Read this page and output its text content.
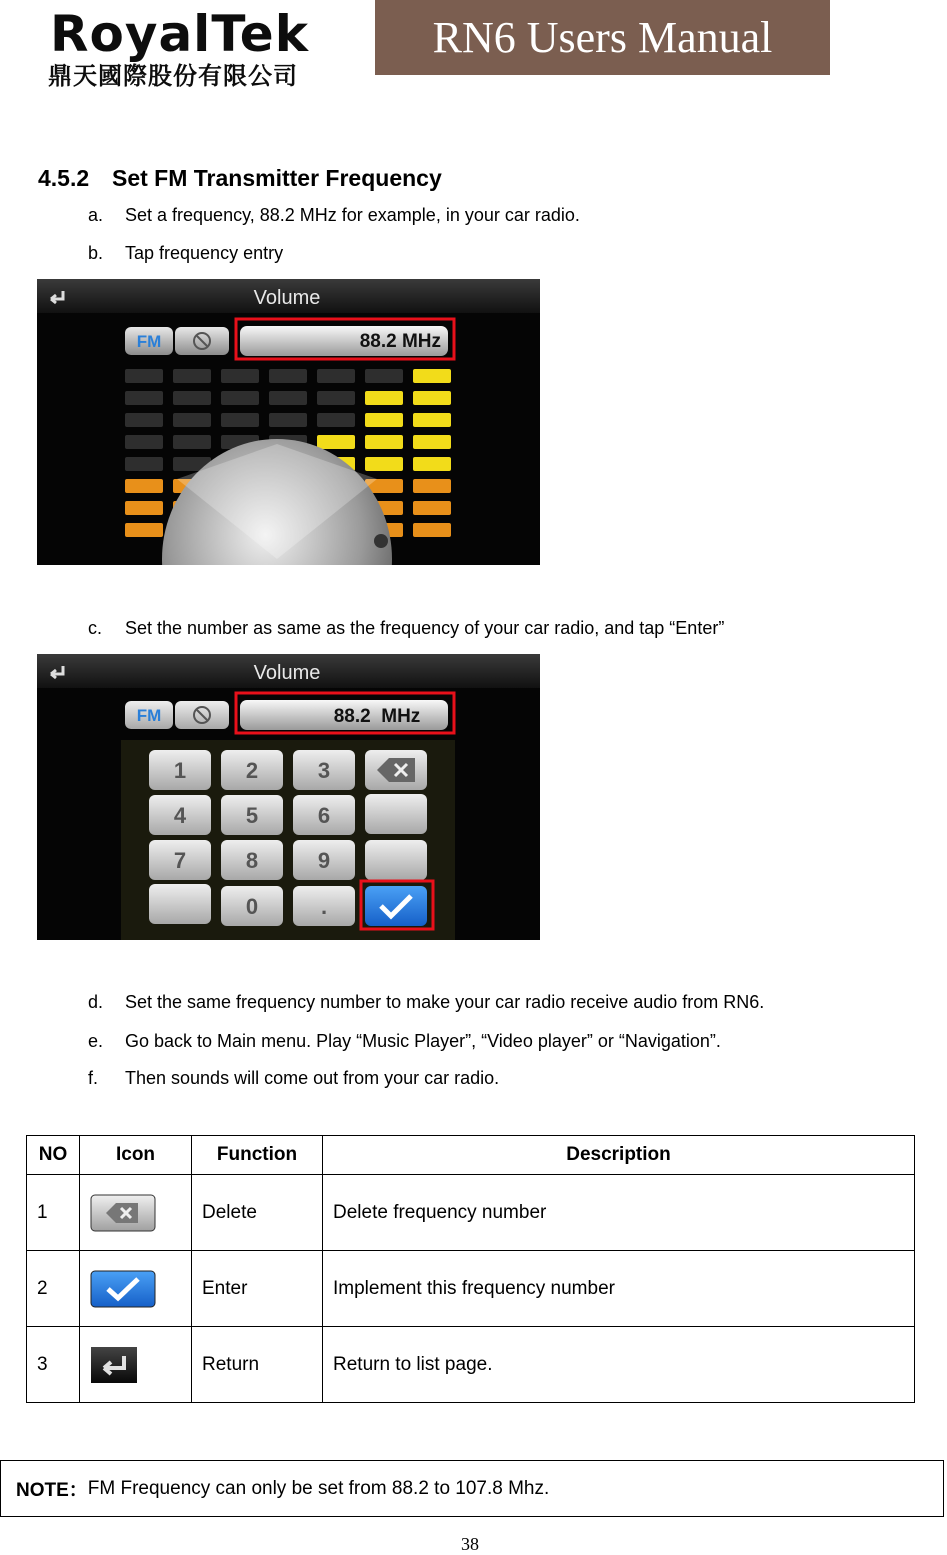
RoyalTek
鼎天國際股份有限公司
RN6 Users Manual
4.5.2 Set FM Transmitter Frequency
a. Set a frequency, 88.2 MHz for example, in your car radio.
b. Tap frequency entry
Volume
FM	88.2 MHz
c. Set the number as same as the frequency of your car radio, and tap “Enter”
Volume
FM	88.2  MHz
1	2	3
4	5	6
7	8	9
0	.
d. Set the same frequency number to make your car radio receive audio from RN6.
e. Go back to Main menu. Play “Music Player”, “Video player” or “Navigation”.
f. Then sounds will come out from your car radio.
NO	Icon	Function	Description
1		Delete	Delete frequency number
2		Enter	Implement this frequency number
3		Return	Return to list page.
NOTE： FM Frequency can only be set from 88.2 to 107.8 Mhz.
38
